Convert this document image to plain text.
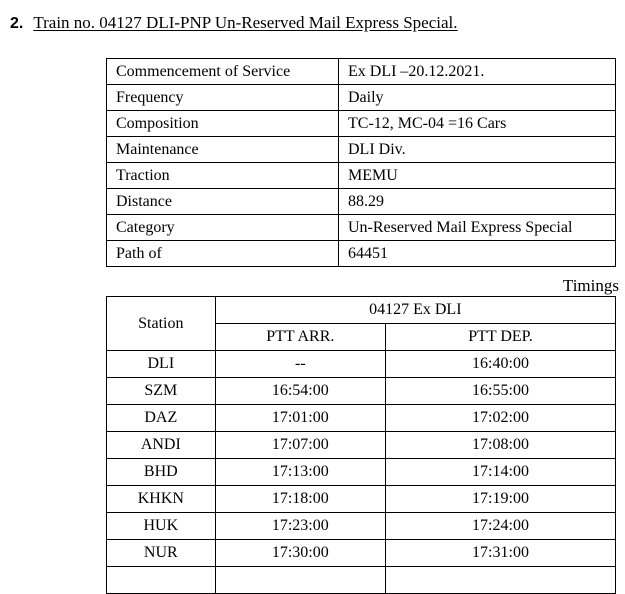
2. Train no. 04127 DLI-PNP Un-Reserved Mail Express Special.
Commencement of Service	Ex DLI –20.12.2021.
Frequency	Daily
Composition	TC-12, MC-04 =16 Cars
Maintenance	DLI Div.
Traction	MEMU
Distance	88.29
Category	Un-Reserved Mail Express Special
Path of	64451
Timings
Station	04127 Ex DLI	
	PTT ARR.	PTT DEP.
DLI	--	16:40:00
SZM	16:54:00	16:55:00
DAZ	17:01:00	17:02:00
ANDI	17:07:00	17:08:00
BHD	17:13:00	17:14:00
KHKN	17:18:00	17:19:00
HUK	17:23:00	17:24:00
NUR	17:30:00	17:31:00
